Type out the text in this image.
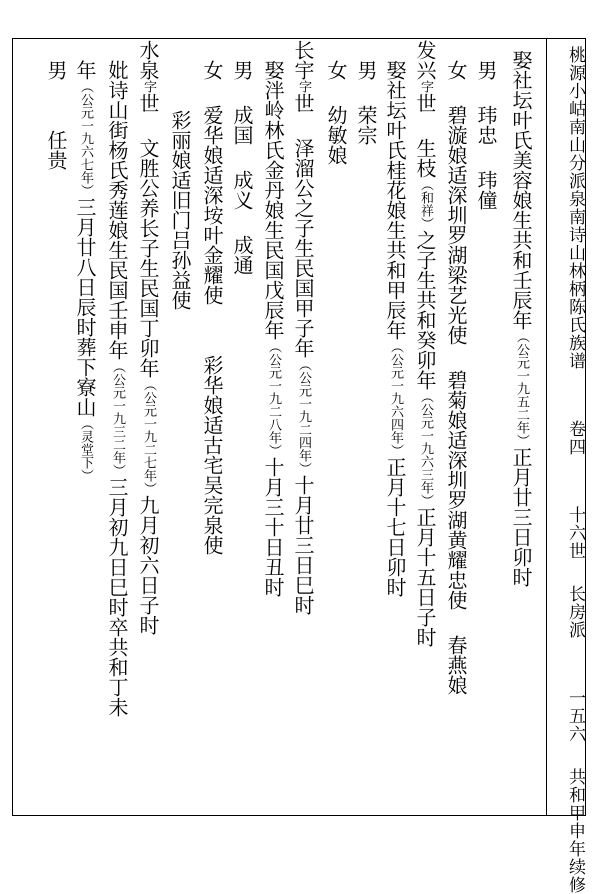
桃源小岵南山分派泉南诗山林柄陈氏族谱卷四十六世长房派一五六共和甲申年续修
娶社坛叶氏美容娘生共和壬辰年（公元一九五二年）正月廿三日卯时
男玮忠玮僮
女碧漩娘适深圳罗湖梁艺光使碧菊娘适深圳罗湖黄耀忠使春燕娘
发兴字世生枝（和祥）之子生共和癸卯年（公元一九六三年）正月十五日子时
娶社坛叶氏桂花娘生共和甲辰年（公元一九六四年）正月十七日卯时
男荣宗
女幼敏娘
长宇字世泽溜公之子生民国甲子年（公元一九二四年）十月廿三日巳时
娶泮岭林氏金丹娘生民国戊辰年（公元一九二八年）十月三十日丑时
男成国成义成通
女爱华娘适深垵叶金耀使彩华娘适古宅吴完泉使
彩丽娘适旧门吕孙益使
水泉字世文胜公养长子生民国丁卯年（公元一九二七年）九月初六日子时
妣诗山街杨氏秀莲娘生民国壬申年（公元一九三二年）三月初九日巳时卒共和丁未
年（公元一九六七年）三月廿八日辰时葬下寮山（灵堂下）
男任贵
